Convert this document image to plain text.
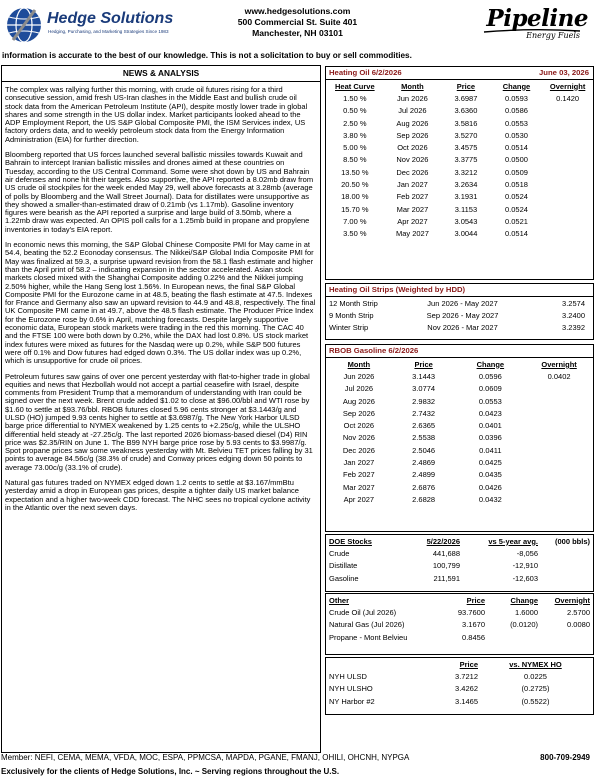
Hedge Solutions
Hedging, Purchasing, and Marketing Strategies Since 1983
www.hedgesolutions.com
500 Commercial St. Suite 401
Manchester, NH 03101
Pipeline
Energy Fuels
information is accurate to the best of our knowledge. This is not a solicitation to buy or sell commodities.
NEWS & ANALYSIS

The complex was rallying further this morning, with crude oil futures rising for a third consecutive session, amid fresh US-Iran clashes in the Middle East and bullish crude oil stock data from the American Petroleum Institute (API), despite mostly lower trade in global shares and some strength in the US dollar index. Market participants looked ahead to the ADP Employment Report, the US S&P Global Composite PMI, the ISM Services index, US factory orders data, and to weekly petroleum stock data from the Energy Information Administration (EIA) for further direction.

Bloomberg reported that US forces launched several ballistic missiles towards Kuwait and Bahrain to intercept Iranian ballistic missiles and drones aimed at these countries on Tuesday, according to the US Central Command. Some were shot down by US and Bahrain air defenses and none hit their targets. Also supportive, the API reported a 8.02mb draw from US crude oil stockpiles for the week ended May 29, well above forecasts at 3.28mb (average of polls by Bloomberg and the Wall Street Journal). Data for distillates were unsupportive as they showed a smaller-than-estimated draw of 0.21mb (vs 1.17mb). Gasoline inventory figures were bearish as the API reported a surprise and large build of 3.50mb, where a 1.22mb draw was expected. An OPIS poll calls for a 1.25mb build in propane and propylene inventories in today's EIA report.

In economic news this morning, the S&P Global Chinese Composite PMI for May came in at 54.4, beating the 52.2 Econoday consensus. The Nikkei/S&P Global India Composite PMI for May was finalized at 59.3, a surprise upward revision from the 58.1 flash estimate and higher than the April print of 58.2 – indicating expansion in the sector accelerated. Asian stock markets closed mixed with the Shanghai Composite adding 0.22% and the Nikkei jumping 2.50% higher, while the Hang Seng lost 1.56%. In European news, the final S&P Global Composite PMI for the Eurozone came in at 48.5, beating the flash estimate at 47.5. Indexes for France and Germany also saw an upward revision to 44.9 and 48.8, respectively. The final UK Composite PMI came in at 49.7, above the 48.5 flash estimate. The Producer Price Index for the Eurozone rose by 0.6% in April, matching forecasts. Despite largely supportive economic data, European stock markets were trading in the red this morning. The CAC 40 and the FTSE 100 were both down by 0.2%, while the DAX had lost 0.8%. US stock market index futures were mixed as futures for the Nasdaq were up 0.2%, while S&P 500 futures were off 0.1% and Dow futures had edged down 0.3%. The US dollar index was up 0.2%, which is unsupportive for crude oil prices.

Petroleum futures saw gains of over one percent yesterday with flat-to-higher trade in global equities and news that Hezbollah would not accept a partial ceasefire with Israel, despite comments from President Trump that a memorandum of understanding with Iran could be signed over the next week. Brent crude added $1.02 to close at $96.00/bbl and WTI rose by $1.60 to settle at $93.76/bbl. RBOB futures closed 5.96 cents stronger at $3.1443/g and ULSD (HO) jumped 9.93 cents higher to settle at $3.6987/g. The New York Harbor ULSD barge price differential to NYMEX weakened by 1.25 cents to +2.25c/g, while the ULSHO differential held steady at -27.25c/g. The last reported 2026 biomass-based diesel (D4) RIN price was $2.35/RIN on June 1. The B99 NYH barge price rose by 5.93 cents to $3.9987/g. Spot propane prices saw some weakness yesterday with Mt. Belvieu TET prices falling by 31 points to average 84.56c/g (38.3% of crude) and Conway prices edging down 50 points to average 73.00c/g (33.1% of crude).

Natural gas futures traded on NYMEX edged down 1.2 cents to settle at $3.167/mmBtu yesterday amid a drop in European gas prices, despite a tighter daily US market balance expectation and a higher two-week CDD forecast. The NHC sees no tropical cyclone activity in the Atlantic over the next seven days.

Heating Oil 6/2/2026	June 03, 2026
Heat Curve	Month	Price	Change	Overnight
1.50 %	Jun 2026	3.6987	0.0593	0.1420
0.50 %	Jul 2026	3.6360	0.0586	
2.50 %	Aug 2026	3.5816	0.0553	
3.80 %	Sep 2026	3.5270	0.0530	
5.00 %	Oct 2026	3.4575	0.0514	
8.50 %	Nov 2026	3.3775	0.0500	
13.50 %	Dec 2026	3.3212	0.0509	
20.50 %	Jan 2027	3.2634	0.0518	
18.00 %	Feb 2027	3.1931	0.0524	
15.70 %	Mar 2027	3.1153	0.0524	
7.00 %	Apr 2027	3.0543	0.0521	
3.50 %	May 2027	3.0044	0.0514	
Heating Oil Strips (Weighted by HDD)
12 Month Strip	Jun 2026 - May 2027	3.2574
9 Month Strip	Sep 2026 - May 2027	3.2400
Winter Strip	Nov 2026 - Mar 2027	3.2392
RBOB Gasoline 6/2/2026
Month	Price	Change	Overnight
Jun 2026	3.1443	0.0596	0.0402
Jul 2026	3.0774	0.0609	
Aug 2026	2.9832	0.0553	
Sep 2026	2.7432	0.0423	
Oct 2026	2.6365	0.0401	
Nov 2026	2.5538	0.0396	
Dec 2026	2.5046	0.0411	
Jan 2027	2.4869	0.0425	
Feb 2027	2.4899	0.0435	
Mar 2027	2.6876	0.0426	
Apr 2027	2.6828	0.0432	
DOE Stocks	5/22/2026	vs 5-year avg.	(000 bbls)
Crude	441,688	-8,056	
Distillate	100,799	-12,910	
Gasoline	211,591	-12,603	
Other	Price	Change	Overnight
Crude Oil (Jul 2026)	93.7600	1.6000	2.5700
Natural Gas (Jul 2026)	3.1670	(0.0120)	0.0080
Propane - Mont Belvieu	0.8456		
	Price	vs. NYMEX HO
NYH ULSD	3.7212	0.0225
NYH ULSHO	3.4262	(0.2725)
NY Harbor #2	3.1465	(0.5522)
Member: NEFI, CEMA, MEMA, VFDA, MOC, ESPA, PPMCSA, MAPDA, PGANE, FMANJ, OHILI, OHCNH, NYPGA	800-709-2949
Exclusively for the clients of Hedge Solutions, Inc. ~ Serving regions throughout the U.S.
